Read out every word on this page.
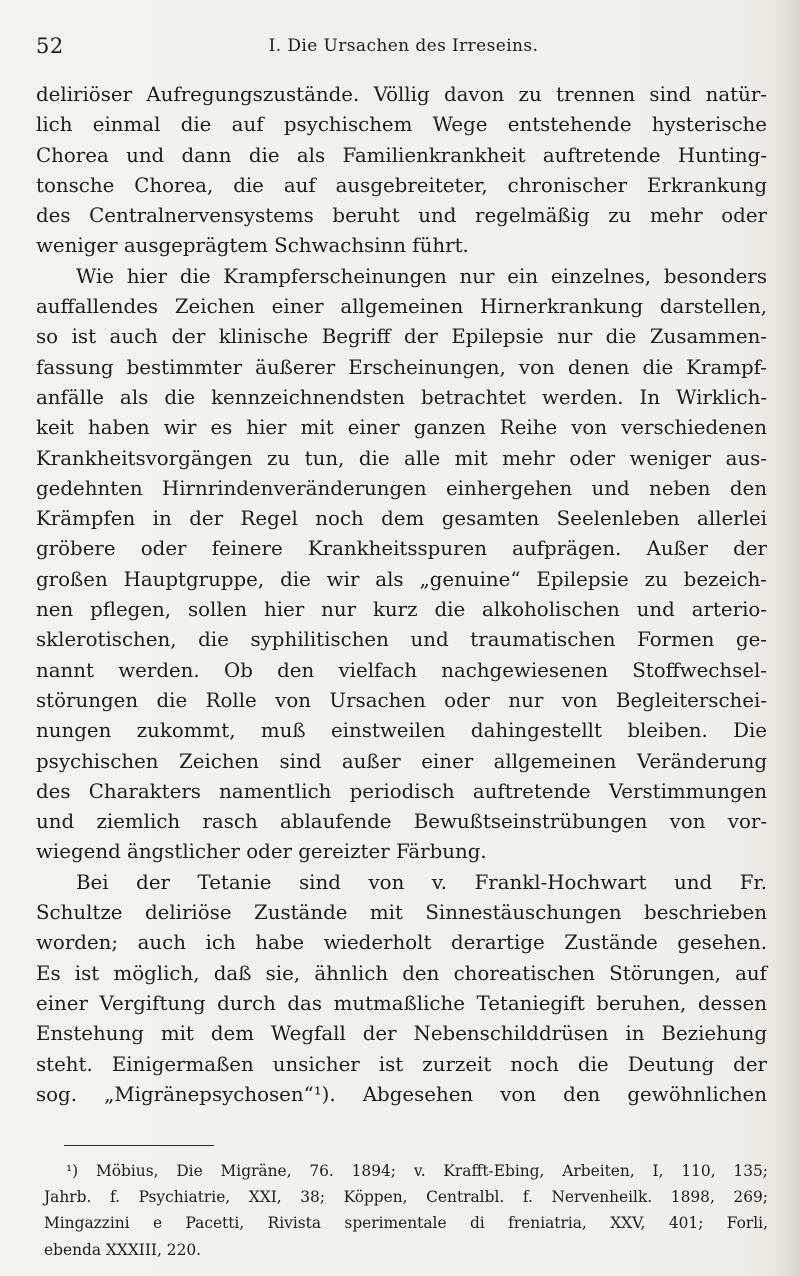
52	I. Die Ursachen des Irreseins.
deliriöser Aufregungszustände. Völlig davon zu trennen sind natür-
lich einmal die auf psychischem Wege entstehende hysterische
Chorea und dann die als Familienkrankheit auftretende Hunting-
tonsche Chorea, die auf ausgebreiteter, chronischer Erkrankung
des Centralnervensystems beruht und regelmäßig zu mehr oder
weniger ausgeprägtem Schwachsinn führt.
Wie hier die Krampferscheinungen nur ein einzelnes, besonders
auffallendes Zeichen einer allgemeinen Hirnerkrankung darstellen,
so ist auch der klinische Begriff der Epilepsie nur die Zusammen-
fassung bestimmter äußerer Erscheinungen, von denen die Krampf-
anfälle als die kennzeichnendsten betrachtet werden. In Wirklich-
keit haben wir es hier mit einer ganzen Reihe von verschiedenen
Krankheitsvorgängen zu tun, die alle mit mehr oder weniger aus-
gedehnten Hirnrindenveränderungen einhergehen und neben den
Krämpfen in der Regel noch dem gesamten Seelenleben allerlei
gröbere oder feinere Krankheitsspuren aufprägen. Außer der
großen Hauptgruppe, die wir als „genuine“ Epilepsie zu bezeich-
nen pflegen, sollen hier nur kurz die alkoholischen und arterio-
sklerotischen, die syphilitischen und traumatischen Formen ge-
nannt werden. Ob den vielfach nachgewiesenen Stoffwechsel-
störungen die Rolle von Ursachen oder nur von Begleiterschei-
nungen zukommt, muß einstweilen dahingestellt bleiben. Die
psychischen Zeichen sind außer einer allgemeinen Veränderung
des Charakters namentlich periodisch auftretende Verstimmungen
und ziemlich rasch ablaufende Bewußtseinstrübungen von vor-
wiegend ängstlicher oder gereizter Färbung.
Bei der Tetanie sind von v. Frankl-Hochwart und Fr.
Schultze deliriöse Zustände mit Sinnestäuschungen beschrieben
worden; auch ich habe wiederholt derartige Zustände gesehen.
Es ist möglich, daß sie, ähnlich den choreatischen Störungen, auf
einer Vergiftung durch das mutmaßliche Tetaniegift beruhen, dessen
Enstehung mit dem Wegfall der Nebenschilddrüsen in Beziehung
steht. Einigermaßen unsicher ist zurzeit noch die Deutung der
sog. „Migränepsychosen“¹). Abgesehen von den gewöhnlichen
¹) Möbius, Die Migräne, 76. 1894; v. Krafft-Ebing, Arbeiten, I, 110, 135;
Jahrb. f. Psychiatrie, XXI, 38; Köppen, Centralbl. f. Nervenheilk. 1898, 269;
Mingazzini e Pacetti, Rivista sperimentale di freniatria, XXV, 401; Forli,
ebenda XXXIII, 220.
